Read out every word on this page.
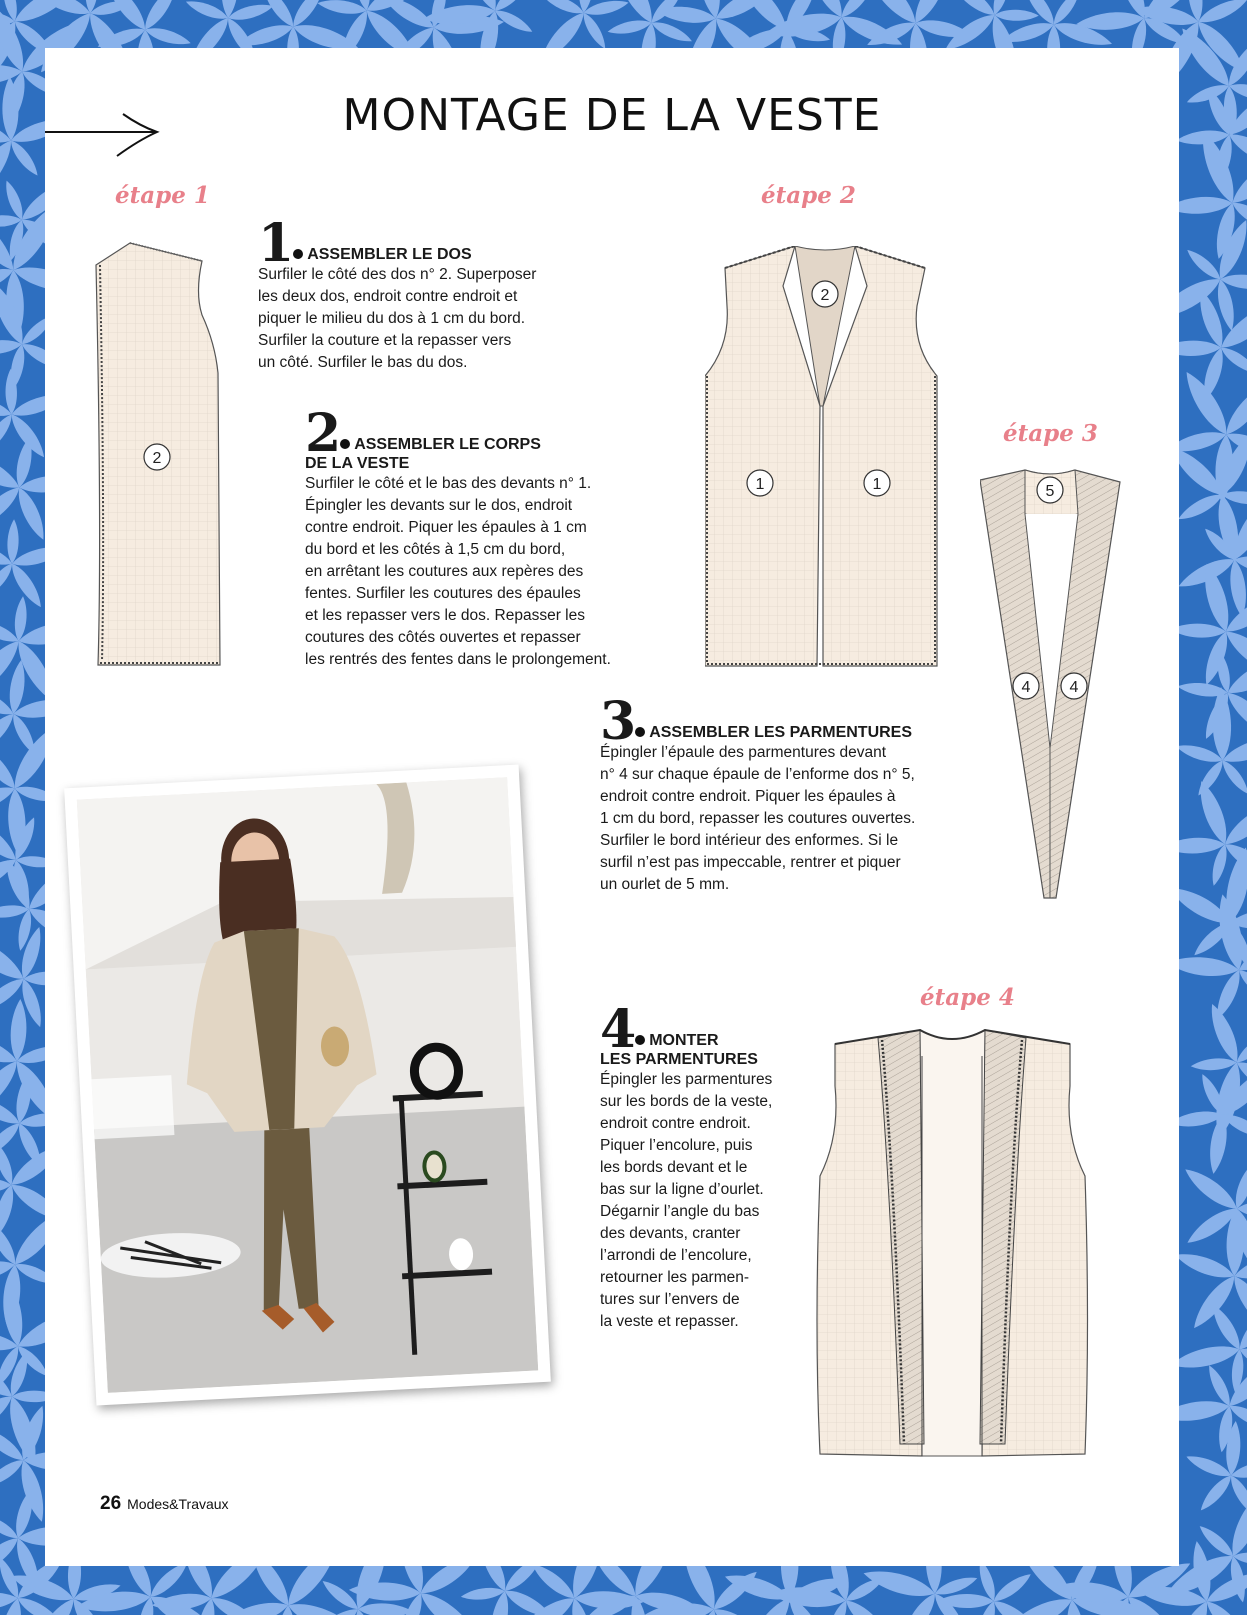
MONTAGE DE LA VESTE
étape 1	étape 2
étape 3
étape 4
2
2
1	1	5
4 4
1 ASSEMBLER LE DOS
Surfiler le côté des dos n° 2. Superposer
les deux dos, endroit contre endroit et
piquer le milieu du dos à 1 cm du bord.
Surfiler la couture et la repasser vers
un côté. Surfiler le bas du dos.
2 ASSEMBLER LE CORPS
DE LA VESTE
Surfiler le côté et le bas des devants n° 1.
Épingler les devants sur le dos, endroit
contre endroit. Piquer les épaules à 1 cm
du bord et les côtés à 1,5 cm du bord,
en arrêtant les coutures aux repères des
fentes. Surfiler les coutures des épaules
et les repasser vers le dos. Repasser les
coutures des côtés ouvertes et repasser
les rentrés des fentes dans le prolongement.
3 ASSEMBLER LES PARMENTURES
Épingler l’épaule des parmentures devant
n° 4 sur chaque épaule de l’enforme dos n° 5,
endroit contre endroit. Piquer les épaules à
1 cm du bord, repasser les coutures ouvertes.
Surfiler le bord intérieur des enformes. Si le
surfil n’est pas impeccable, rentrer et piquer
un ourlet de 5 mm.
4 MONTER
LES PARMENTURES
Épingler les parmentures
sur les bords de la veste,
endroit contre endroit.
Piquer l’encolure, puis
les bords devant et le
bas sur la ligne d’ourlet.
Dégarnir l’angle du bas
des devants, cranter
l’arrondi de l’encolure,
retourner les parmen-
tures sur l’envers de
la veste et repasser.
26 Modes&Travaux
